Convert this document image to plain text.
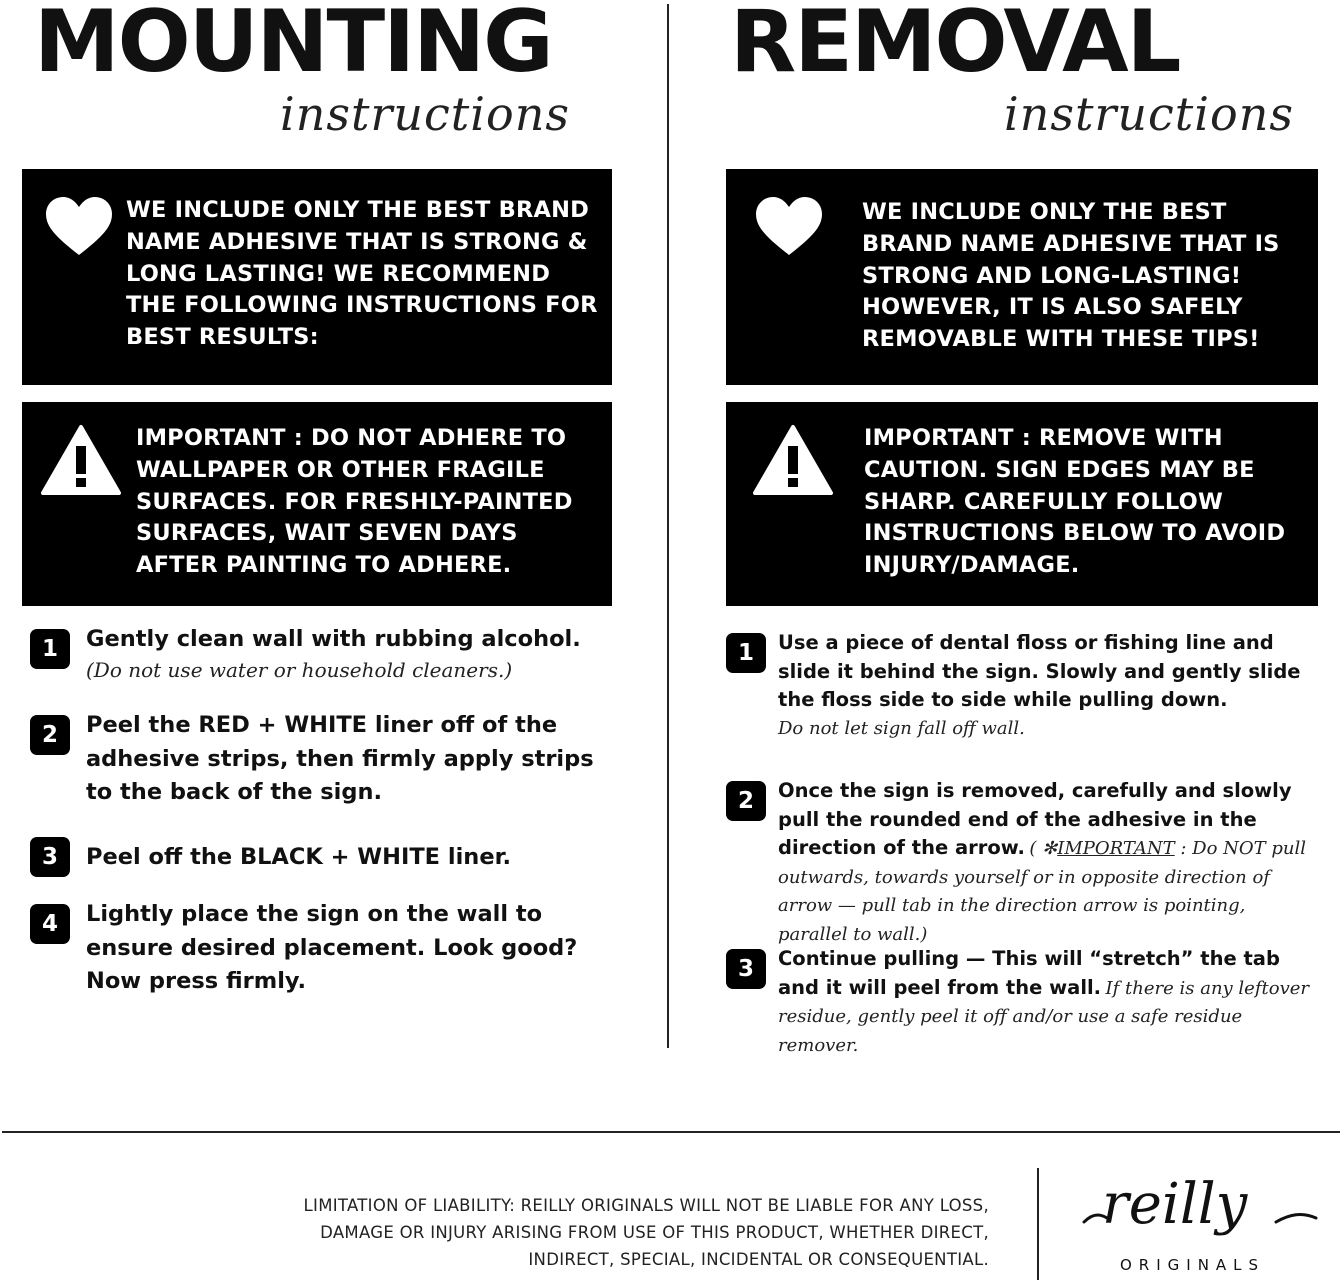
MOUNTING

instructions

WE INCLUDE ONLY THE BEST BRAND NAME ADHESIVE THAT IS STRONG & LONG LASTING! WE RECOMMEND THE FOLLOWING INSTRUCTIONS FOR BEST RESULTS:

IMPORTANT : DO NOT ADHERE TO WALLPAPER OR OTHER FRAGILE SURFACES. FOR FRESHLY-PAINTED SURFACES, WAIT SEVEN DAYS AFTER PAINTING TO ADHERE.

1	Gently clean wall with rubbing alcohol.

(Do not use water or household cleaners.)

2	Peel the RED + WHITE liner off of the adhesive strips, then firmly apply strips to the back of the sign.

3	Peel off the BLACK + WHITE liner.

4	Lightly place the sign on the wall to ensure desired placement. Look good? Now press firmly.

REMOVAL

instructions

WE INCLUDE ONLY THE BEST BRAND NAME ADHESIVE THAT IS STRONG AND LONG-LASTING! HOWEVER, IT IS ALSO SAFELY REMOVABLE WITH THESE TIPS!

IMPORTANT : REMOVE WITH CAUTION. SIGN EDGES MAY BE SHARP. CAREFULLY FOLLOW INSTRUCTIONS BELOW TO AVOID INJURY/DAMAGE.

1	Use a piece of dental floss or fishing line and slide it behind the sign. Slowly and gently slide the floss side to side while pulling down.

Do not let sign fall off wall.

2	Once the sign is removed, carefully and slowly pull the rounded end of the adhesive in the direction of the arrow. ( ✻IMPORTANT : Do NOT pull outwards, towards yourself or in opposite direction of arrow — pull tab in the direction arrow is pointing, parallel to wall.)

3	Continue pulling — This will “stretch” the tab and it will peel from the wall. If there is any leftover residue, gently peel it off and/or use a safe residue remover.

LIMITATION OF LIABILITY: REILLY ORIGINALS WILL NOT BE LIABLE FOR ANY LOSS, DAMAGE OR INJURY ARISING FROM USE OF THIS PRODUCT, WHETHER DIRECT, INDIRECT, SPECIAL, INCIDENTAL OR CONSEQUENTIAL.

reilly

ORIGINALS
